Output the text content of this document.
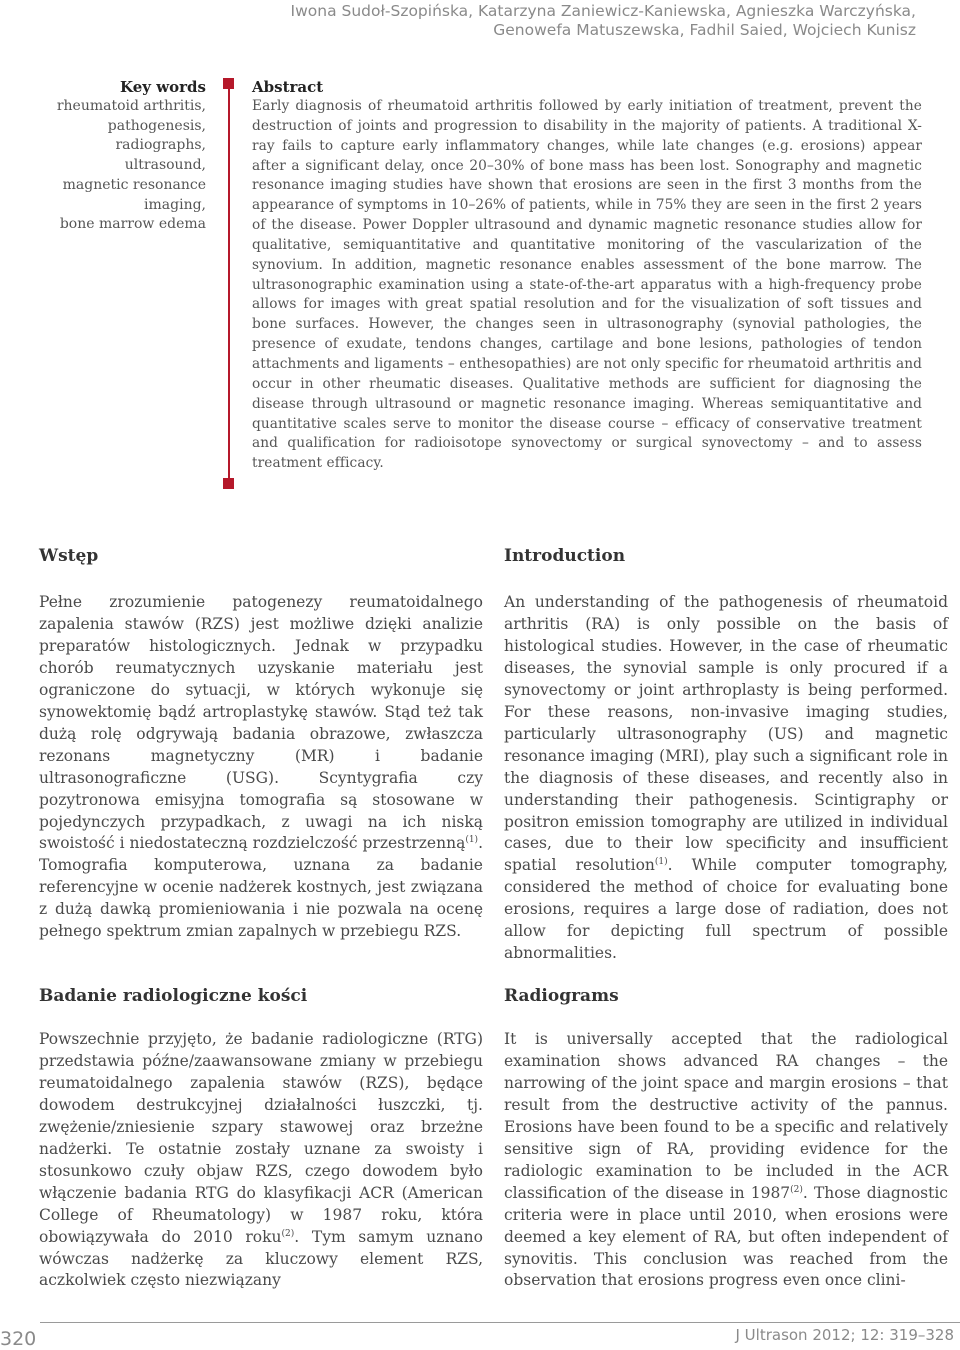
Iwona Sudoł-Szopińska, Katarzyna Zaniewicz-Kaniewska, Agnieszka Warczyńska,
Genowefa Matuszewska, Fadhil Saied, Wojciech Kunisz
Key words
rheumatoid arthritis,
pathogenesis,
radiographs,
ultrasound,
magnetic resonance
imaging,
bone marrow edema
Abstract
Early diagnosis of rheumatoid arthritis followed by early initiation of treatment, prevent the destruction of joints and progression to disability in the majority of patients. A traditional X-ray fails to capture early inflammatory changes, while late changes (e.g. erosions) appear after a significant delay, once 20–30% of bone mass has been lost. Sonography and magnetic resonance imaging studies have shown that erosions are seen in the first 3 months from the appearance of symptoms in 10–26% of patients, while in 75% they are seen in the first 2 years of the disease. Power Doppler ultrasound and dynamic magnetic resonance studies allow for qualitative, semiquantitative and quantitative monitoring of the vascularization of the synovium. In addition, magnetic resonance enables assessment of the bone marrow. The ultrasonographic examination using a state-of-the-art apparatus with a high-frequency probe allows for images with great spatial resolution and for the visualization of soft tissues and bone surfaces. However, the changes seen in ultrasonography (synovial pathologies, the presence of exudate, tendons changes, cartilage and bone lesions, pathologies of tendon attachments and ligaments – enthesopathies) are not only specific for rheumatoid arthritis and occur in other rheumatic diseases. Qualitative methods are sufficient for diagnosing the disease through ultrasound or magnetic resonance imaging. Whereas semiquantitative and quantitative scales serve to monitor the disease course – efficacy of conservative treatment and qualification for radioisotope synovectomy or surgical synovectomy – and to assess treatment efficacy.
Wstęp
Pełne zrozumienie patogenezy reumatoidalnego zapalenia stawów (RZS) jest możliwe dzięki analizie preparatów histologicznych. Jednak w przypadku chorób reumatycznych uzyskanie materiału jest ograniczone do sytuacji, w których wykonuje się synowektomię bądź artroplastykę stawów. Stąd też tak dużą rolę odgrywają badania obrazowe, zwłaszcza rezonans magnetyczny (MR) i badanie ultrasonograficzne (USG). Scyntygrafia czy pozytronowa emisyjna tomografia są stosowane w pojedynczych przypadkach, z uwagi na ich niską swoistość i niedostateczną rozdzielczość przestrzenną$^{(1)}$. Tomografia komputerowa, uznana za badanie referencyjne w ocenie nadżerek kostnych, jest związana z dużą dawką promieniowania i nie pozwala na ocenę pełnego spektrum zmian zapalnych w przebiegu RZS.
Introduction
An understanding of the pathogenesis of rheumatoid arthritis (RA) is only possible on the basis of histological studies. However, in the case of rheumatic diseases, the synovial sample is only procured if a synovectomy or joint arthroplasty is being performed. For these reasons, non-invasive imaging studies, particularly ultrasonography (US) and magnetic resonance imaging (MRI), play such a significant role in the diagnosis of these diseases, and recently also in understanding their pathogenesis. Scintigraphy or positron emission tomography are utilized in individual cases, due to their low specificity and insufficient spatial resolution$^{(1)}$. While computer tomography, considered the method of choice for evaluating bone erosions, requires a large dose of radiation, does not allow for depicting full spectrum of possible abnormalities.
Badanie radiologiczne kości
Powszechnie przyjęto, że badanie radiologiczne (RTG) przedstawia późne/zaawansowane zmiany w przebiegu reumatoidalnego zapalenia stawów (RZS), będące dowodem destrukcyjnej działalności łuszczki, tj. zwężenie/zniesienie szpary stawowej oraz brzeżne nadżerki. Te ostatnie zostały uznane za swoisty i stosunkowo czuły objaw RZS, czego dowodem było włączenie badania RTG do klasyfikacji ACR (American College of Rheumatology) w 1987 roku, która obowiązywała do 2010 roku$^{(2)}$. Tym samym uznano wówczas nadżerkę za kluczowy element RZS, aczkolwiek często niezwiązany
Radiograms
It is universally accepted that the radiological examination shows advanced RA changes – the narrowing of the joint space and margin erosions – that result from the destructive activity of the pannus. Erosions have been found to be a specific and relatively sensitive sign of RA, providing evidence for the radiologic examination to be included in the ACR classification of the disease in 1987$^{(2)}$. Those diagnostic criteria were in place until 2010, when erosions were deemed a key element of RA, but often independent of synovitis. This conclusion was reached from the observation that erosions progress even once clini-
320	J Ultrason 2012; 12: 319–328
